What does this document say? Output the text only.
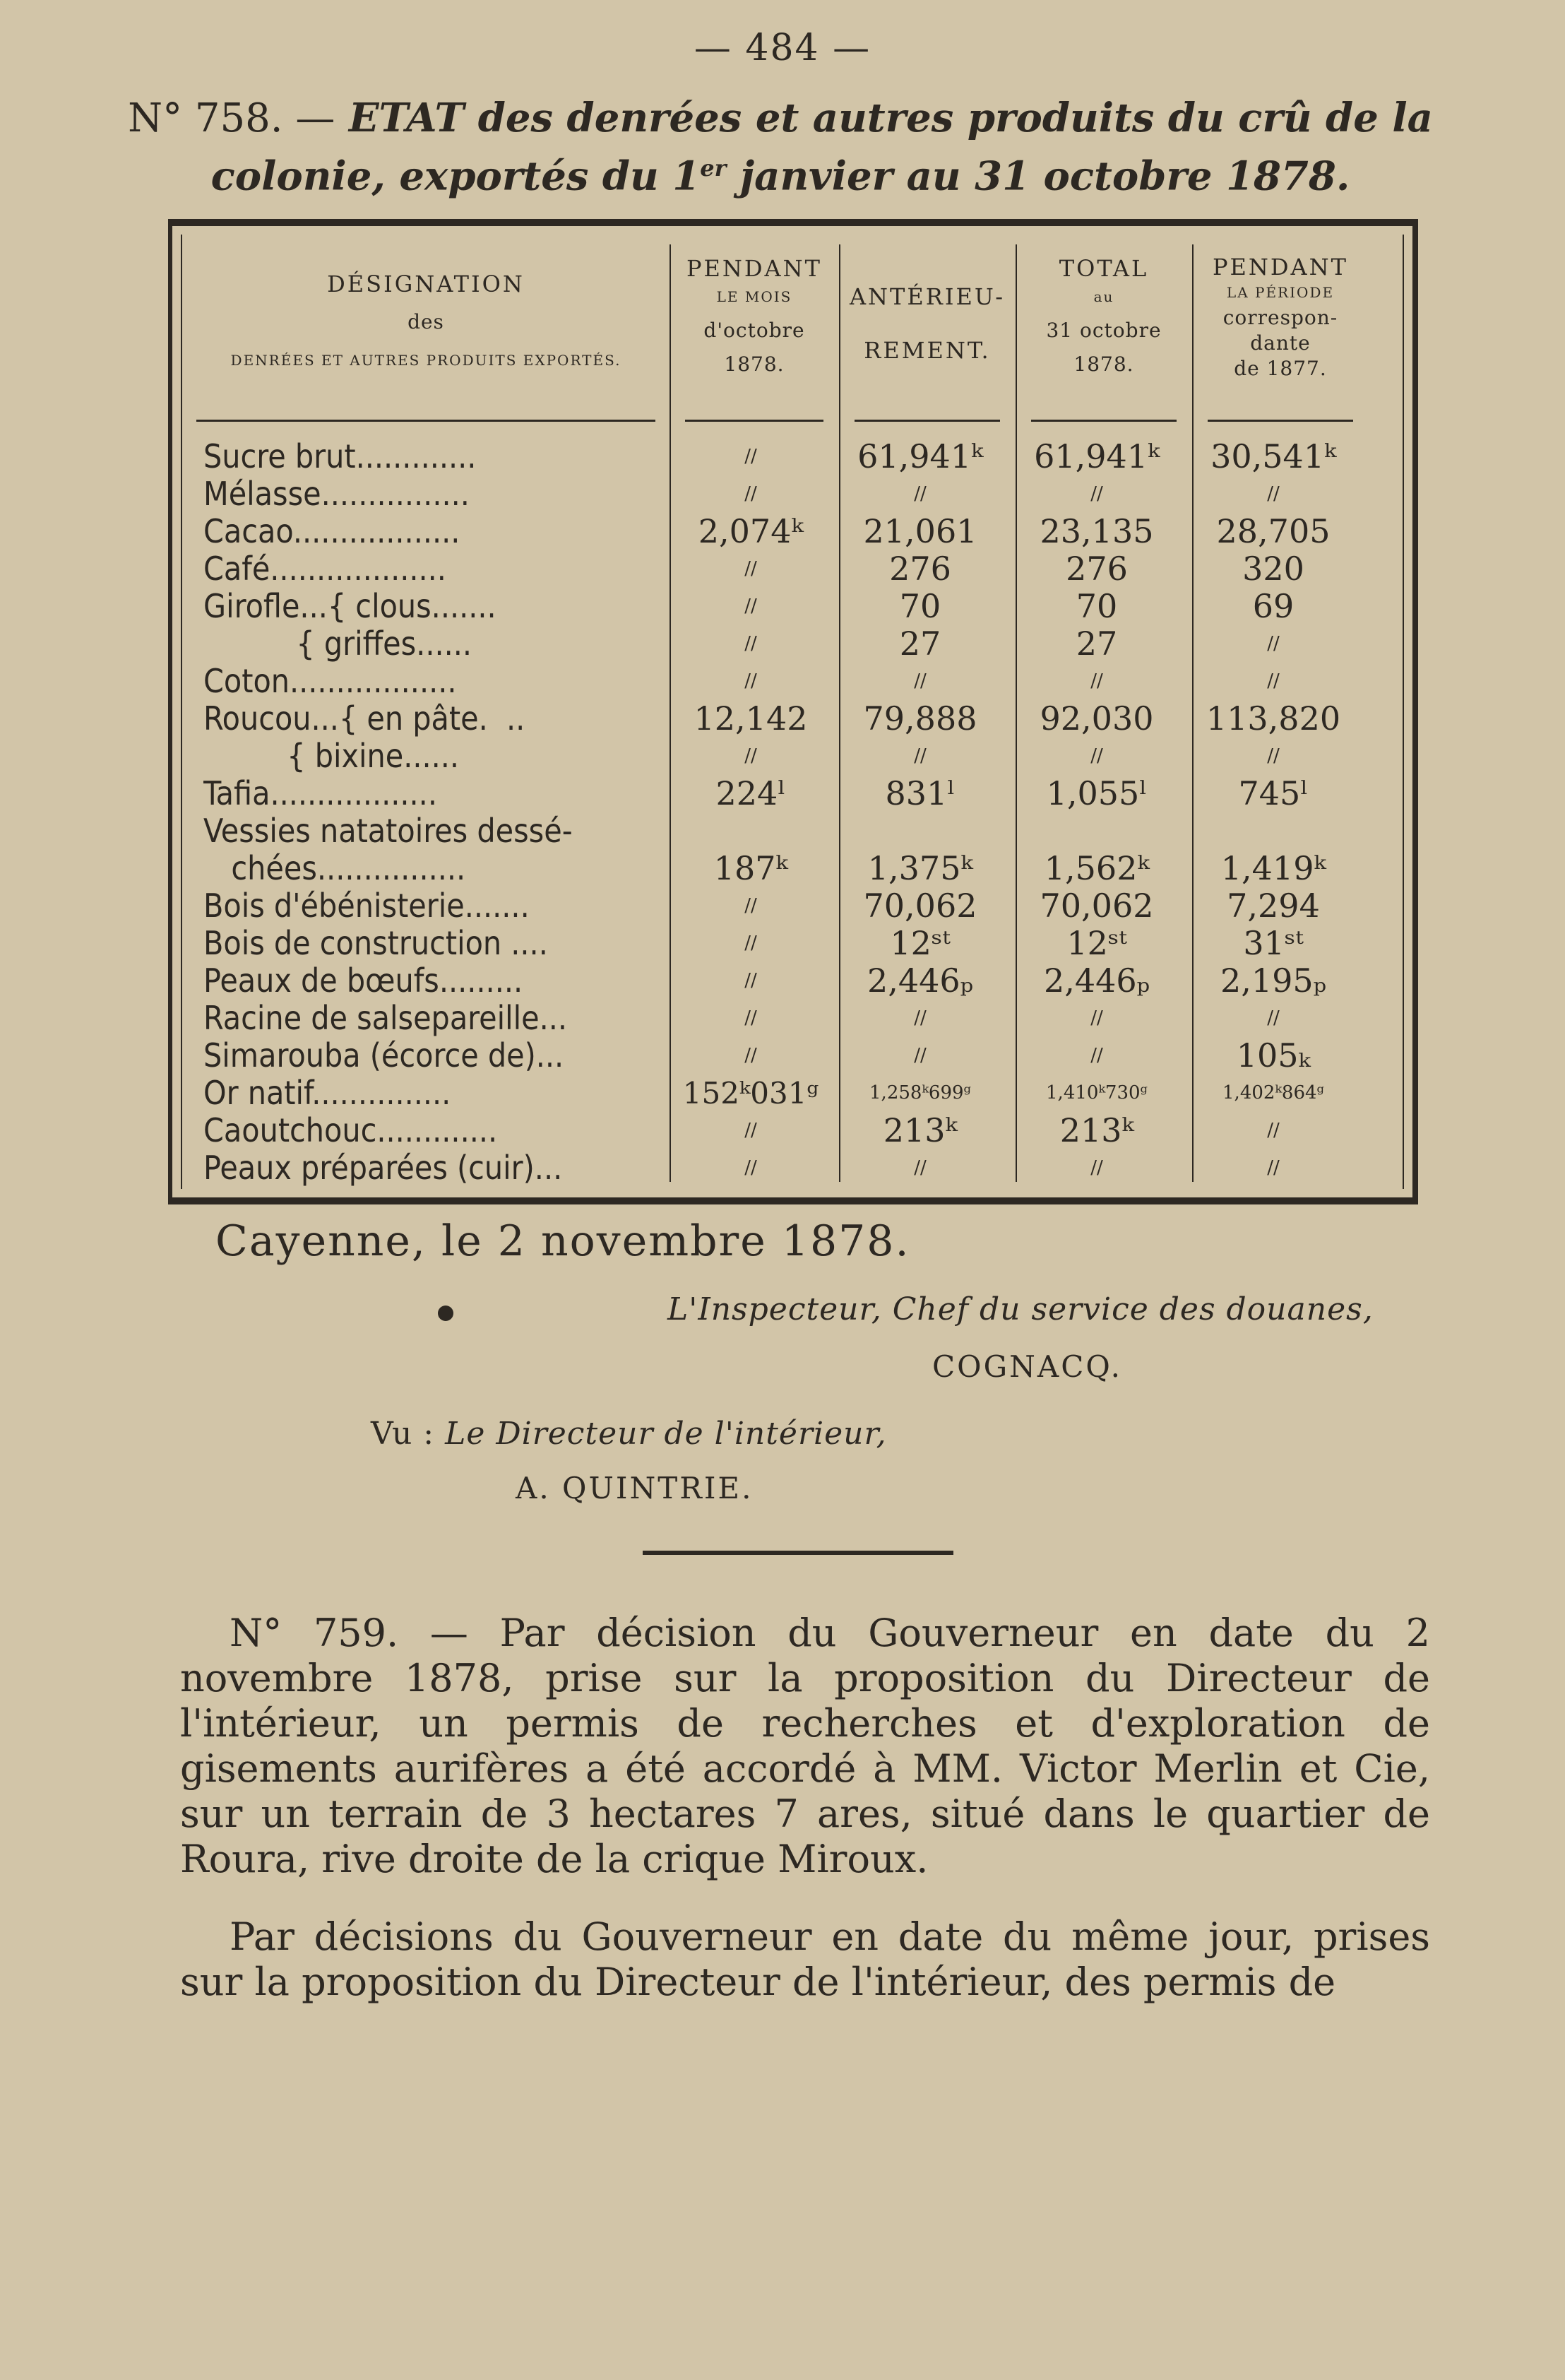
— 484 —
N° 758. — ETAT des denrées et autres produits du crû de la colonie, exportés du 1er janvier au 31 octobre 1878.
DÉSIGNATION
des
DENRÉES ET AUTRES PRODUITS EXPORTÉS.
PENDANT
LE MOIS
d'octobre
1878.
ANTÉRIEU-
REMENT.
TOTAL
au
31 octobre
1878.
PENDANT
LA PÉRIODE
correspon-
dante
de 1877.
Sucre brut.............	//	61,941ᵏ	61,941ᵏ	30,541ᵏ
Mélasse................	//	//	//	//
Cacao..................	2,074ᵏ	21,061	23,135	28,705
Café...................	//	276	276	320
Girofle...{ clous.......	//	70	70	69
{ griffes......	//	27	27	//
Coton..................	//	//	//	//
Roucou...{ en pâte.  ..	12,142	79,888	92,030	113,820
{ bixine......	//	//	//	//
Tafia..................	224ˡ	831ˡ	1,055ˡ	745ˡ
Vessies natatoires dessé-
chées................	187ᵏ	1,375ᵏ	1,562ᵏ	1,419ᵏ
Bois d'ébénisterie.......	//	70,062	70,062	7,294
Bois de construction ....	//	12ˢᵗ	12ˢᵗ	31ˢᵗ
Peaux de bœufs.........	//	2,446ₚ	2,446ₚ	2,195ₚ
Racine de salsepareille...	//	//	//	//
Simarouba (écorce de)...	//	//	//	105ₖ
Or natif...............	152ᵏ031ᵍ	1,258ᵏ699ᵍ	1,410ᵏ730ᵍ	1,402ᵏ864ᵍ
Caoutchouc.............	//	213ᵏ	213ᵏ	//
Peaux préparées (cuir)...	//	//	//	//
Cayenne, le 2 novembre 1878.
L'Inspecteur, Chef du service des douanes,
COGNACQ.
Vu : Le Directeur de l'intérieur,
A. QUINTRIE.

N° 759. — Par décision du Gouverneur en date du 2 novembre 1878, prise sur la proposition du Directeur de l'intérieur, un permis de recherches et d'exploration de gisements aurifères a été accordé à MM. Victor Merlin et Cie, sur un terrain de 3 hectares 7 ares, situé dans le quartier de Roura, rive droite de la crique Miroux.

Par décisions du Gouverneur en date du même jour, prises sur la proposition du Directeur de l'intérieur, des permis de
